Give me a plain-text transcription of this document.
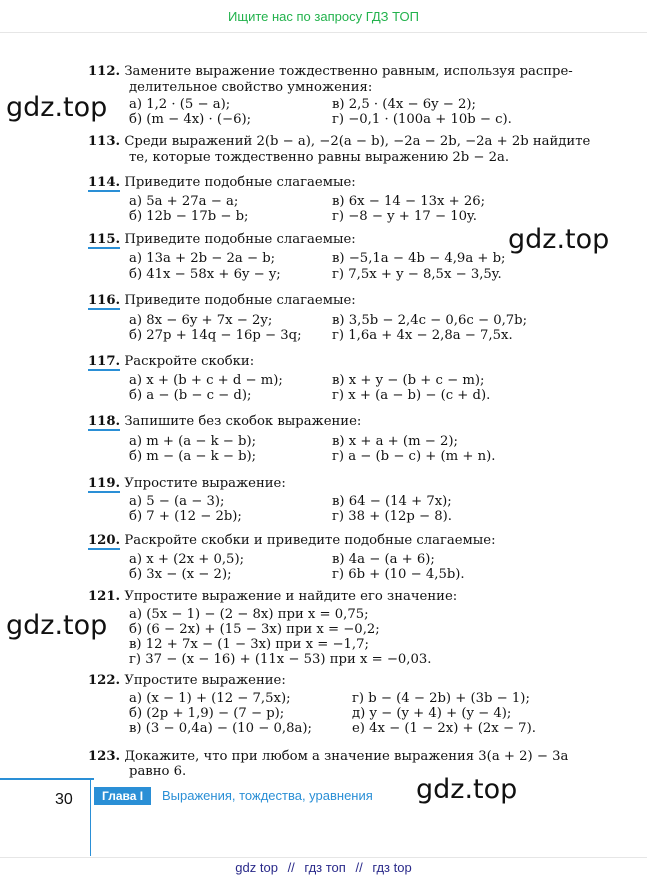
Ищите нас по запросу ГДЗ ТОП
112. Замените выражение тождественно равным, используя распре-
делительное свойство умножения:
а) 1,2 · (5 − a);	в) 2,5 · (4x − 6y − 2);
б) (m − 4x) · (−6);	г) −0,1 · (100a + 10b − c).
113. Среди выражений 2(b − a), −2(a − b), −2a − 2b, −2a + 2b найдите
те, которые тождественно равны выражению 2b − 2a.
114. Приведите подобные слагаемые:
а) 5a + 27a − a;	в) 6x − 14 − 13x + 26;
б) 12b − 17b − b;	г) −8 − y + 17 − 10y.
115. Приведите подобные слагаемые:
а) 13a + 2b − 2a − b;	в) −5,1a − 4b − 4,9a + b;
б) 41x − 58x + 6y − y;	г) 7,5x + y − 8,5x − 3,5y.
116. Приведите подобные слагаемые:
а) 8x − 6y + 7x − 2y;	в) 3,5b − 2,4c − 0,6c − 0,7b;
б) 27p + 14q − 16p − 3q; г) 1,6a + 4x − 2,8a − 7,5x.
117. Раскройте скобки:
а) x + (b + c + d − m);	в) x + y − (b + c − m);
б) a − (b − c − d);	г) x + (a − b) − (c + d).
118. Запишите без скобок выражение:
а) m + (a − k − b);	в) x + a + (m − 2);
б) m − (a − k − b);	г) a − (b − c) + (m + n).
119. Упростите выражение:
а) 5 − (a − 3);	в) 64 − (14 + 7x);
б) 7 + (12 − 2b);	г) 38 + (12p − 8).
120. Раскройте скобки и приведите подобные слагаемые:
а) x + (2x + 0,5);	в) 4a − (a + 6);
б) 3x − (x − 2);	г) 6b + (10 − 4,5b).
121. Упростите выражение и найдите его значение:
а) (5x − 1) − (2 − 8x) при x = 0,75;
б) (6 − 2x) + (15 − 3x) при x = −0,2;
в) 12 + 7x − (1 − 3x) при x = −1,7;
г) 37 − (x − 16) + (11x − 53) при x = −0,03.
122. Упростите выражение:
а) (x − 1) + (12 − 7,5x);	г) b − (4 − 2b) + (3b − 1);
б) (2p + 1,9) − (7 − p);	д) y − (y + 4) + (y − 4);
в) (3 − 0,4a) − (10 − 0,8a);	е) 4x − (1 − 2x) + (2x − 7).
123. Докажите, что при любом a значение выражения 3(a + 2) − 3a
равно 6.
gdz.top
gdz.top
gdz.top
gdz.top
30	Глава I	Выражения, тождества, уравнения
gdz top // гдз топ // гдз top
